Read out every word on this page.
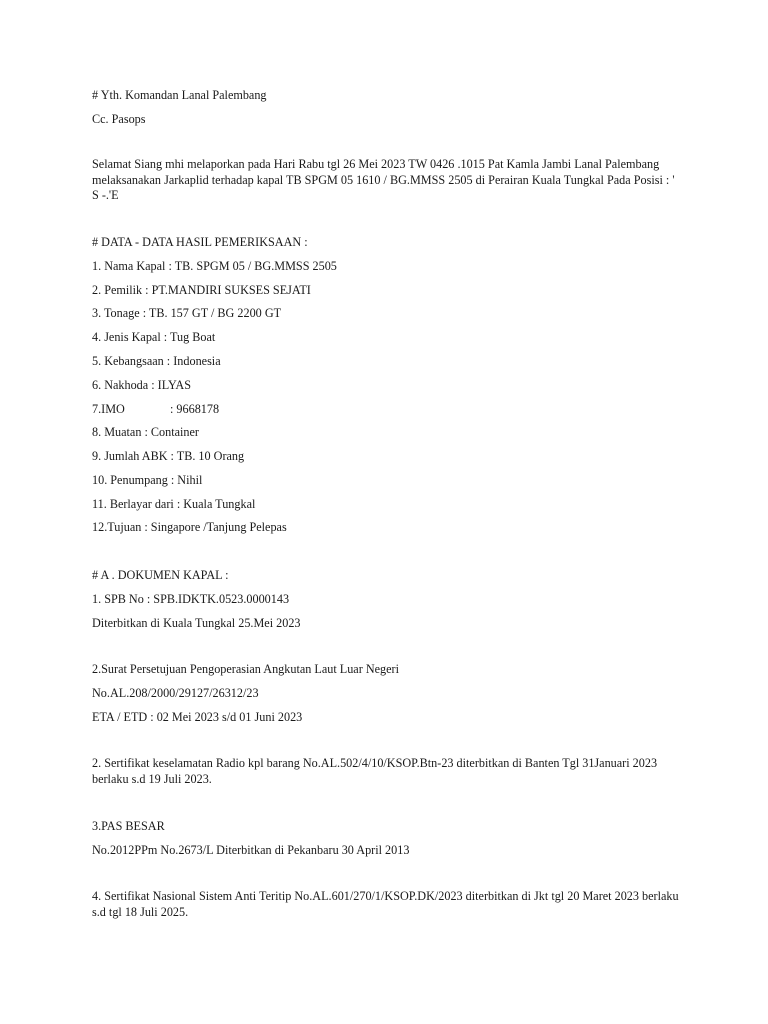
# Yth. Komandan Lanal Palembang
Cc. Pasops
Selamat Siang mhi melaporkan pada Hari Rabu tgl 26 Mei 2023 TW 0426 .1015 Pat Kamla Jambi Lanal Palembang melaksanakan Jarkaplid terhadap kapal TB SPGM 05 1610 / BG.MMSS 2505 di Perairan Kuala Tungkal Pada Posisi : ' S -.'E
# DATA - DATA HASIL PEMERIKSAAN :
1. Nama Kapal : TB. SPGM 05 / BG.MMSS 2505
2. Pemilik : PT.MANDIRI SUKSES SEJATI
3. Tonage : TB. 157 GT / BG 2200 GT
4. Jenis Kapal : Tug Boat
5. Kebangsaan : Indonesia
6. Nakhoda : ILYAS
7.IMO	: 9668178
8. Muatan : Container
9. Jumlah ABK : TB. 10 Orang
10. Penumpang : Nihil
11. Berlayar dari : Kuala Tungkal
12.Tujuan : Singapore /Tanjung Pelepas
# A . DOKUMEN KAPAL :
1. SPB No : SPB.IDKTK.0523.0000143
Diterbitkan di Kuala Tungkal 25.Mei 2023
2.Surat Persetujuan Pengoperasian Angkutan Laut Luar Negeri
No.AL.208/2000/29127/26312/23
ETA / ETD : 02 Mei 2023 s/d 01 Juni 2023
2. Sertifikat keselamatan Radio kpl barang No.AL.502/4/10/KSOP.Btn-23 diterbitkan di Banten Tgl 31Januari 2023 berlaku s.d 19 Juli 2023.
3.PAS BESAR
No.2012PPm No.2673/L Diterbitkan di Pekanbaru 30 April 2013
4. Sertifikat Nasional Sistem Anti Teritip No.AL.601/270/1/KSOP.DK/2023 diterbitkan di Jkt tgl 20 Maret 2023 berlaku s.d tgl 18 Juli 2025.
